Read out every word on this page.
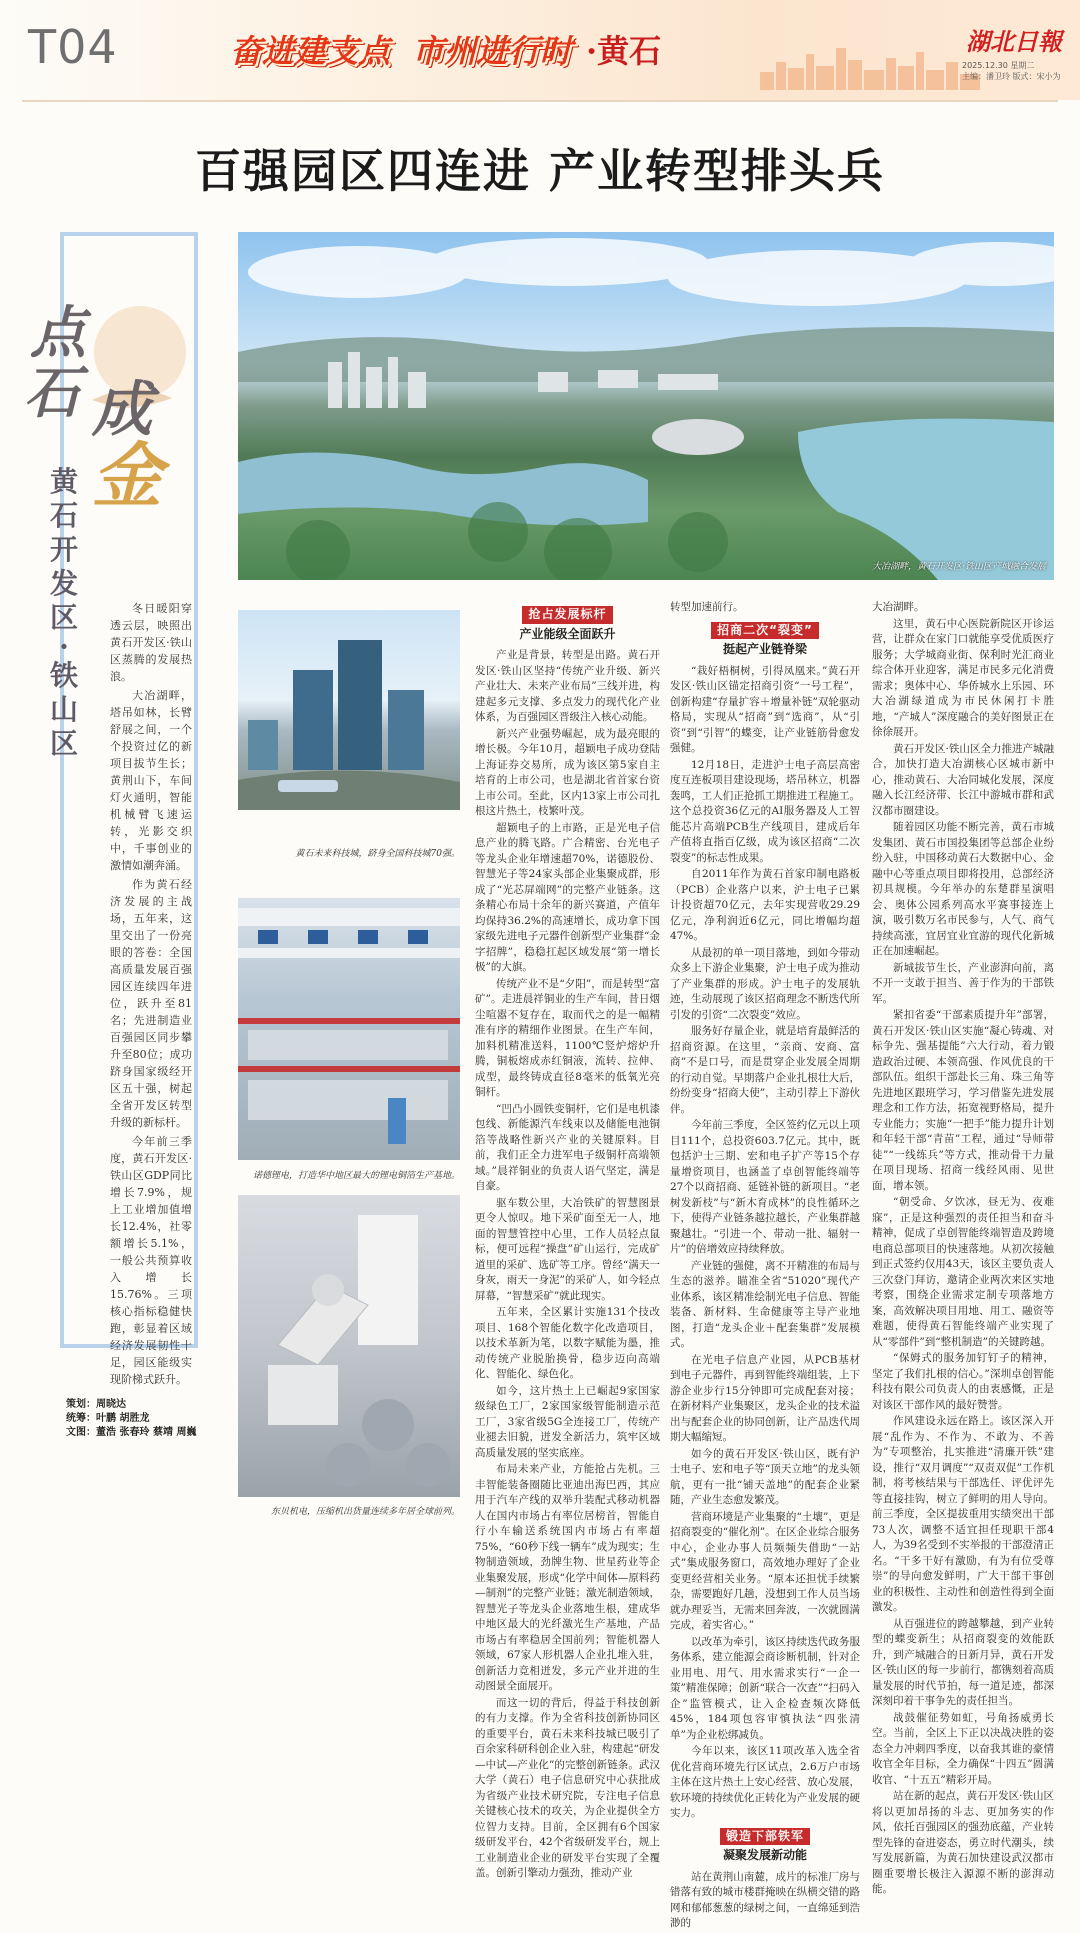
T04	奋进建支点 市州进行时 ·黄石	湖北日報
2025.12.30 星期二
主编：潘卫玲 版式：宋小为
百强园区四连进 产业转型排头兵
点
石 成
金
黄
石
开
发
区
·
铁
山
区

冬日暖阳穿透云层，映照出黄石开发区·铁山区蒸腾的发展热浪。

大冶湖畔，塔吊如林，长臂舒展之间，一个个投资过亿的新项目拔节生长；黄荆山下，车间灯火通明，智能机械臂飞速运转，光影交织中，千事创业的激情如潮奔涌。

作为黄石经济发展的主战场，五年来，这里交出了一份亮眼的答卷：全国高质量发展百强园区连续四年进位，跃升至81名；先进制造业百强园区同步攀升至80位；成功跻身国家级经开区五十强，树起全省开发区转型升级的新标杆。

今年前三季度，黄石开发区·铁山区GDP同比增长7.9%，规上工业增加值增长12.4%，社零额增长5.1%，一般公共预算收入增长15.76%。三项核心指标稳健快跑，彰显着区域经济发展韧性十足，园区能级实现阶梯式跃升。

策划：周晓达
统筹：叶鹏 胡胜龙
文图：董浩 张春玲 蔡靖 周巍
大冶湖畔，黄石开发区·铁山区产城融合发展
黄石未来科技城，跻身全国科技城70强。
诺德锂电，打造华中地区最大的锂电铜箔生产基地。
东贝机电，压缩机出货量连续多年居全球前列。
抢占发展标杆
产业能级全面跃升

产业是背景，转型是出路。黄石开发区·铁山区坚持“传统产业升级、新兴产业壮大、未来产业布局”三线并进，构建起多元支撑、多点发力的现代化产业体系，为百强园区晋级注入核心动能。

新兴产业强势崛起，成为最亮眼的增长极。今年10月，超颖电子成功登陆上海证券交易所，成为该区第5家自主培育的上市公司，也是湖北省首家台资上市公司。至此，区内13家上市公司扎根这片热土，枝繁叶茂。

超颖电子的上市路，正是光电子信息产业的腾飞路。广合精密、台光电子等龙头企业年增速超70%，诺德股份、智慧光子等24家头部企业集聚成群，形成了“光芯屏端网”的完整产业链条。这条精心布局十余年的新兴赛道，产值年均保持36.2%的高速增长，成功拿下国家级先进电子元器件创新型产业集群“金字招牌”，稳稳扛起区域发展“第一增长极”的大旗。

传统产业不是“夕阳”，而是转型“富矿”。走进晨祥铜业的生产车间，昔日烟尘喧嚣不复存在，取而代之的是一幅精准有序的精细作业图景。在生产车间，加料机精准送料，1100℃竖炉熔炉升腾，铜板熔成赤红铜液，流转、拉伸、成型，最终铸成直径8毫米的低氧光亮铜杆。

“凹凸小圆铁变铜杆，它们是电机漆包线、新能源汽车线束以及储能电池铜箔等战略性新兴产业的关键原料。目前，我们正全力进军电子级铜杆高端领域。”晨祥铜业的负责人语气坚定，满是自豪。

驱车数公里，大冶铁矿的智慧图景更令人惊叹。地下采矿面至无一人，地面的智慧管控中心里，工作人员轻点鼠标，便可远程“操盘”矿山运行，完成矿道里的采矿、选矿等工序。曾经“满天一身灰，雨天一身泥”的采矿人，如今轻点屏幕，“智慧采矿”就此现实。

五年来，全区累计实施131个技改项目、168个智能化数字化改造项目，以技术革新为笔，以数字赋能为墨，推动传统产业脱胎换骨，稳步迈向高端化、智能化、绿色化。

如今，这片热土上已崛起9家国家级绿色工厂，2家国家级智能制造示范工厂，3家省级5G全连接工厂，传统产业褪去旧貌，迸发全新活力，筑牢区域高质量发展的坚实底座。

布局未来产业，方能抢占先机。三丰智能装备圈随比亚迪出海巴西，其应用于汽车产线的双举升装配式移动机器人在国内市场占有率位居榜首，智能自行小车输送系统国内市场占有率超75%，“60秒下线一辆车”成为现实；生物制造领域，劲牌生物、世星药业等企业集聚发展，形成“化学中间体—原料药—制剂”的完整产业链；激光制造领域，智慧光子等龙头企业落地生根，建成华中地区最大的光纤激光生产基地，产品市场占有率稳居全国前列；智能机器人领域，67家人形机器人企业扎堆入驻，创新活力竞相迸发，多元产业并进的生动图景全面展开。

而这一切的背后，得益于科技创新的有力支撑。作为全省科技创新协同区的重要平台，黄石未来科技城已吸引了百余家科研科创企业入驻，构建起“研发—中试—产业化”的完整创新链条。武汉大学（黄石）电子信息研究中心获批成为省级产业技术研究院，专注电子信息关键核心技术的攻关，为企业提供全方位智力支持。目前，全区拥有6个国家级研发平台，42个省级研发平台，规上工业制造业企业的研发平台实现了全覆盖。创新引擎动力强劲，推动产业

转型加速前行。

招商二次“裂变”
挺起产业链脊梁

“栽好梧桐树，引得凤凰来。”黄石开发区·铁山区锚定招商引资“一号工程”，创新构建“存量扩容＋增量补链”双轮驱动格局，实现从“招商”到“选商”，从“引资”到“引智”的蝶变，让产业链筋骨愈发强健。

12月18日，走进沪士电子高层高密度互连板项目建设现场，塔吊林立，机器轰鸣，工人们正抢抓工期推进工程施工。这个总投资36亿元的AI服务器及人工智能芯片高端PCB生产线项目，建成后年产值将直指百亿级，成为该区招商“二次裂变”的标志性成果。

自2011年作为黄石首家印制电路板（PCB）企业落户以来，沪士电子已累计投资超70亿元，去年实现营收29.29亿元，净利润近6亿元，同比增幅均超47%。

从最初的单一项目落地，到如今带动众多上下游企业集聚，沪士电子成为推动了产业集群的形成。沪士电子的发展轨迹，生动展现了该区招商理念不断迭代所引发的引资“二次裂变”效应。

服务好存量企业，就是培育最鲜活的招商资源。在这里，“亲商、安商、富商”不是口号，而是贯穿企业发展全周期的行动自觉。早期落户企业扎根壮大后，纷纷变身“招商大使”，主动引荐上下游伙伴。

今年前三季度，全区签约亿元以上项目111个，总投资603.7亿元。其中，既包括沪士三期、宏和电子扩产等15个存量增资项目，也涵盖了卓创智能终端等27个以商招商、延链补链的新项目。“老树发新枝”与“新木育成林”的良性循环之下，使得产业链条越拉越长，产业集群越聚越壮。“引进一个、带动一批、辐射一片”的倍增效应持续释放。

产业链的强健，离不开精准的布局与生态的滋养。瞄准全省“51020”现代产业体系，该区精准绘制光电子信息、智能装备、新材料、生命健康等主导产业地图，打造“龙头企业＋配套集群”发展模式。

在光电子信息产业园，从PCB基材到电子元器件，再到智能终端组装，上下游企业步行15分钟即可完成配套对接；在新材料产业集聚区，龙头企业的技术溢出与配套企业的协同创新，让产品迭代周期大幅缩短。

如今的黄石开发区·铁山区，既有沪士电子、宏和电子等“顶天立地”的龙头领航，更有一批“铺天盖地”的配套企业紧随，产业生态愈发繁茂。

营商环境是产业集聚的“土壤”，更是招商裂变的“催化剂”。在区企业综合服务中心，企业办事人员频频失借助“一站式”集成服务窗口，高效地办理好了企业变更经营相关业务。“原本还担忧手续繁杂，需要跑好几趟，没想到工作人员当场就办理妥当，无需来回奔波，一次就圆满完成，着实省心。”

以改革为牵引，该区持续迭代政务服务体系，建立能源会商诊断机制，针对企业用电、用气、用水需求实行“一企一策”精准保障；创新“联合一次查”“扫码入企”监管模式，让入企检查频次降低45%，184项包容审慎执法“四张清单”为企业松绑减负。

今年以来，该区11项改革入选全省优化营商环境先行区试点，2.6万户市场主体在这片热土上安心经营、放心发展，软环境的持续优化正转化为产业发展的硬实力。

锻造下部铁军
凝聚发展新动能

站在黄荆山南麓，成片的标准厂房与错落有致的城市楼群掩映在纵横交错的路网和郁郁葱葱的绿树之间，一直绵延到浩渺的

大冶湖畔。

这里，黄石中心医院新院区开诊运营，让群众在家门口就能享受优质医疗服务；大学城商业街、保利时光汇商业综合体开业迎客，满足市民多元化消费需求；奥体中心、华侨城水上乐园、环大冶湖绿道成为市民休闲打卡胜地，“产城人”深度融合的美好图景正在徐徐展开。

黄石开发区·铁山区全力推进产城融合，加快打造大冶湖核心区城市新中心，推动黄石、大冶同城化发展，深度融入长江经济带、长江中游城市群和武汉都市圈建设。

随着园区功能不断完善，黄石市城发集团、黄石市国投集团等总部企业纷纷入驻，中国移动黄石大数据中心、金融中心等重点项目即将投用，总部经济初具规模。今年举办的东楚群星演唱会、奥体公园系列高水平赛事接连上演，吸引数万名市民参与，人气、商气持续高涨，宜居宜业宜游的现代化新城正在加速崛起。

新城拔节生长，产业澎湃向前，离不开一支敢于担当、善于作为的干部铁军。

紧扣省委“干部素质提升年”部署，黄石开发区·铁山区实施“凝心铸魂、对标争先、强基提能”六大行动，着力锻造政治过硬、本领高强、作风优良的干部队伍。组织干部赴长三角、珠三角等先进地区跟班学习，学习借鉴先进发展理念和工作方法，拓宽视野格局，提升专业能力；实施“一把手”能力提升计划和年轻干部“青苗”工程，通过“导师带徒”“一线练兵”等方式，推动骨干力量在项目现场、招商一线经风雨、见世面，增本领。

“朝受命、夕饮冰，昼无为、夜难寐”，正是这种强烈的责任担当和奋斗精神，促成了卓创智能终端智造及跨境电商总部项目的快速落地。从初次接触到正式签约仅用43天，该区主要负责人三次登门拜访，邀请企业两次来区实地考察，围绕企业需求定制专项落地方案，高效解决项目用地、用工、融资等难题，使得黄石智能终端产业实现了从“零部件”到“整机制造”的关键跨越。

“保姆式的服务加钉钉子的精神，坚定了我们扎根的信心。”深圳卓创智能科技有限公司负责人的由衷感慨，正是对该区干部作风的最好赞誉。

作风建设永远在路上。该区深入开展“乱作为、不作为、不敢为、不善为”专项整治，扎实推进“清廉开铁”建设，推行“双月调度”“双责双促”工作机制，将考核结果与干部选任、评优评先等直接挂钩，树立了鲜明的用人导向。前三季度，全区提拔重用实绩突出干部73人次，调整不适宜担任现职干部4人，为39名受到不实举报的干部澄清正名。“干多干好有激励，有为有位受尊崇”的导向愈发鲜明，广大干部干事创业的积极性、主动性和创造性得到全面激发。

从百强进位的跨越攀越，到产业转型的蝶变新生；从招商裂变的效能跃升，到产城融合的日新月异，黄石开发区·铁山区的每一步前行，都镌刻着高质量发展的时代节拍，每一道足迹，都深深刻印着干事争先的责任担当。

战鼓催征势如虹，号角扬威勇长空。当前，全区上下正以决战决胜的姿态全力冲刺四季度，以奋我其谁的豪情收官全年目标，全力确保“十四五”圆满收官、“十五五”精彩开局。

站在新的起点，黄石开发区·铁山区将以更加昂扬的斗志、更加务实的作风，依托百强园区的强劲底蕴，产业转型先锋的奋进姿态，勇立时代潮头，续写发展新篇，为黄石加快建设武汉都市圈重要增长极注入源源不断的澎湃动能。
